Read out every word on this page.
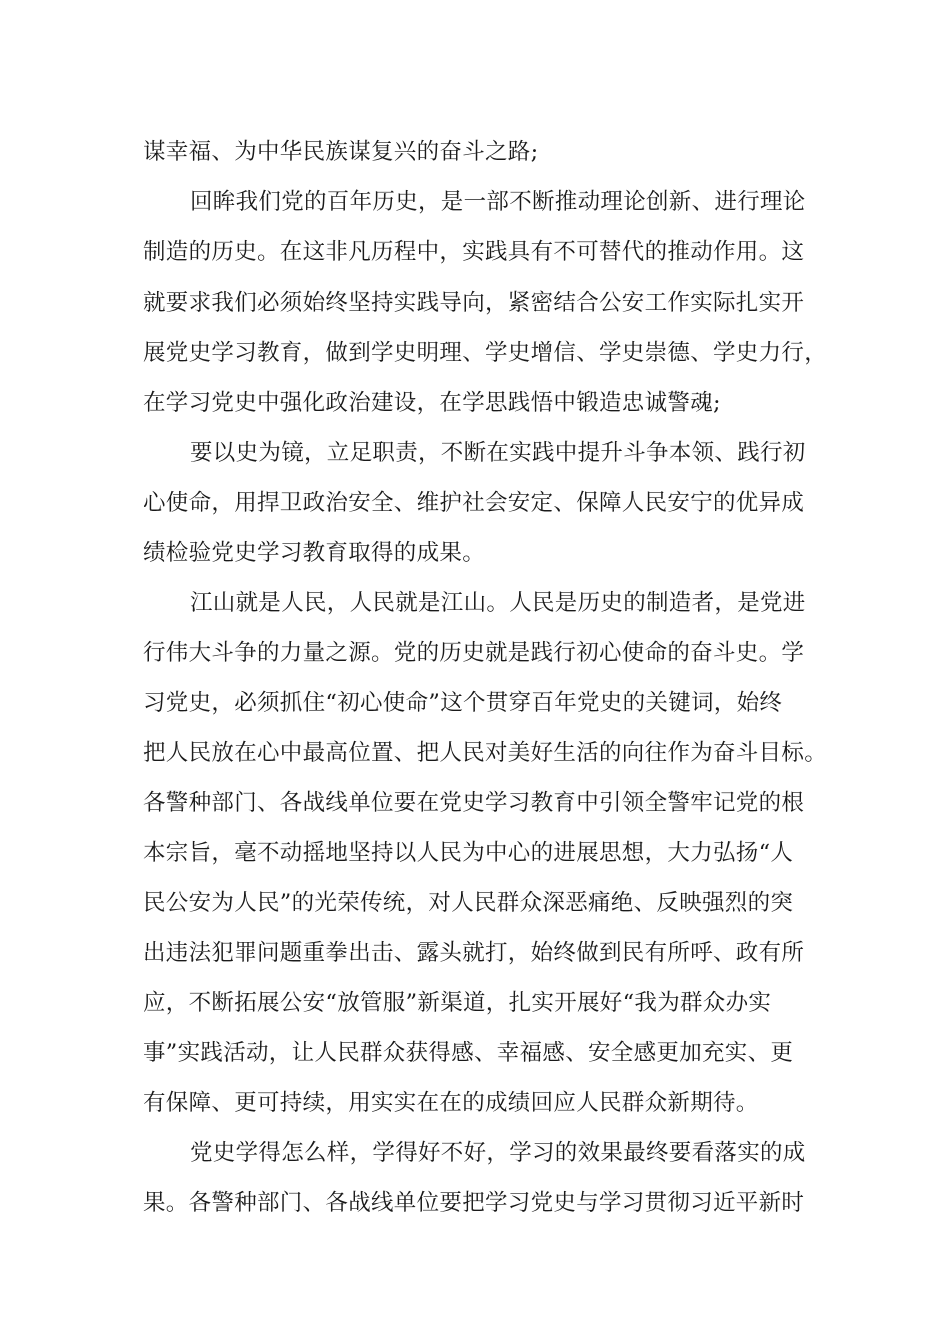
谋幸福、为中华民族谋复兴的奋斗之路;
回眸我们党的百年历史，是一部不断推动理论创新、进行理论
制造的历史。在这非凡历程中，实践具有不可替代的推动作用。这
就要求我们必须始终坚持实践导向，紧密结合公安工作实际扎实开
展党史学习教育，做到学史明理、学史增信、学史崇德、学史力行，
在学习党史中强化政治建设，在学思践悟中锻造忠诚警魂;
要以史为镜，立足职责，不断在实践中提升斗争本领、践行初
心使命，用捍卫政治安全、维护社会安定、保障人民安宁的优异成
绩检验党史学习教育取得的成果。
江山就是人民，人民就是江山。人民是历史的制造者，是党进
行伟大斗争的力量之源。党的历史就是践行初心使命的奋斗史。学
习党史，必须抓住“初心使命”这个贯穿百年党史的关键词，始终
把人民放在心中最高位置、把人民对美好生活的向往作为奋斗目标。
各警种部门、各战线单位要在党史学习教育中引领全警牢记党的根
本宗旨，毫不动摇地坚持以人民为中心的进展思想，大力弘扬“人
民公安为人民”的光荣传统，对人民群众深恶痛绝、反映强烈的突
出违法犯罪问题重拳出击、露头就打，始终做到民有所呼、政有所
应，不断拓展公安“放管服”新渠道，扎实开展好“我为群众办实
事”实践活动，让人民群众获得感、幸福感、安全感更加充实、更
有保障、更可持续，用实实在在的成绩回应人民群众新期待。
党史学得怎么样，学得好不好，学习的效果最终要看落实的成
果。各警种部门、各战线单位要把学习党史与学习贯彻习近平新时
